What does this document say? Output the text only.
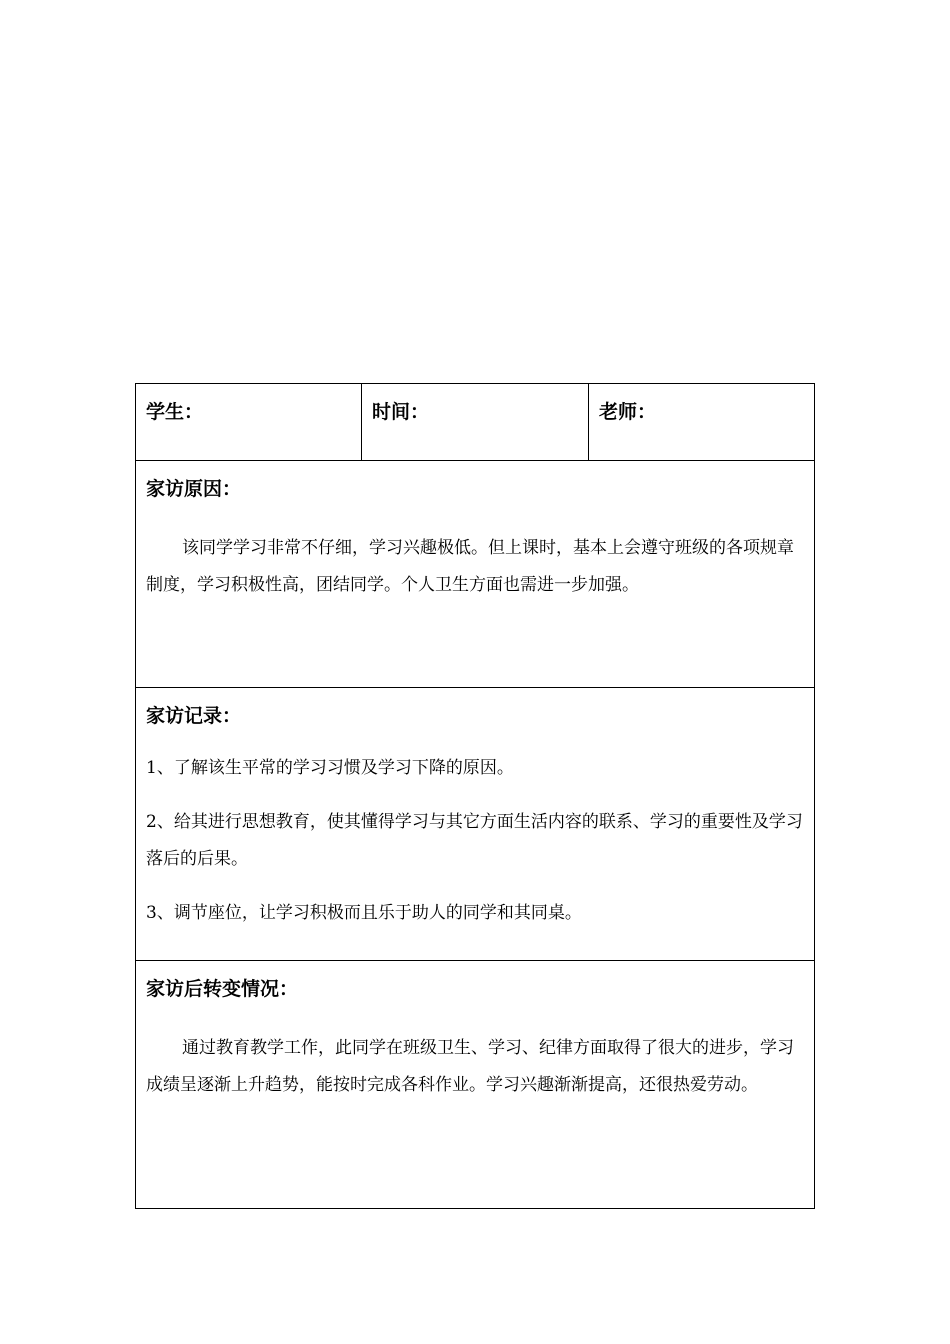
学生：	时间：	老师：
家访原因：

该同学学习非常不仔细，学习兴趣极低。但上课时，基本上会遵守班级的各项规章制度，学习积极性高，团结同学。个人卫生方面也需进一步加强。

家访记录：

1、了解该生平常的学习习惯及学习下降的原因。

2、给其进行思想教育，使其懂得学习与其它方面生活内容的联系、学习的重要性及学习落后的后果。

3、调节座位，让学习积极而且乐于助人的同学和其同桌。

家访后转变情况：

通过教育教学工作，此同学在班级卫生、学习、纪律方面取得了很大的进步，学习成绩呈逐渐上升趋势，能按时完成各科作业。学习兴趣渐渐提高，还很热爱劳动。
